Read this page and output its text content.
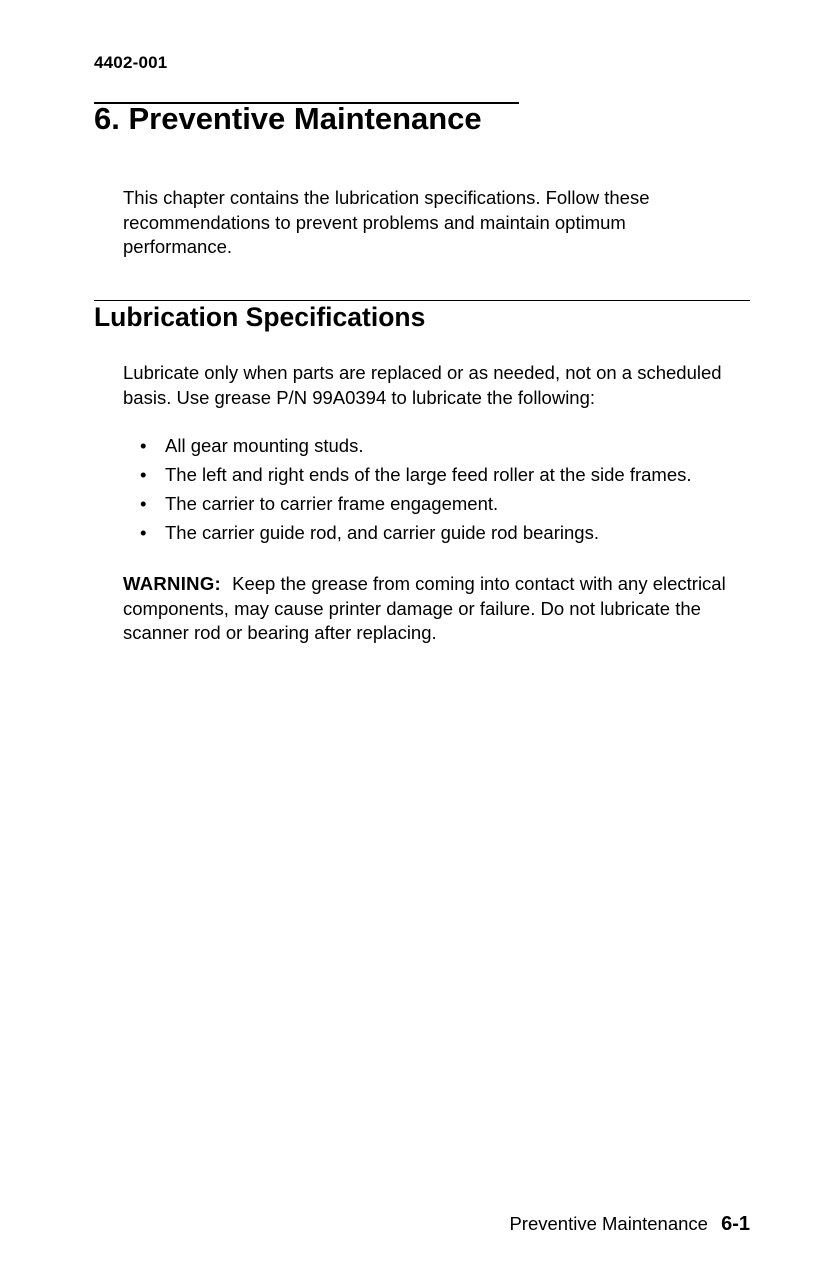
4402-001
6. Preventive Maintenance

This chapter contains the lubrication specifications. Follow these recommendations to prevent problems and maintain optimum performance.

Lubrication Specifications

Lubricate only when parts are replaced or as needed, not on a scheduled basis. Use grease P/N 99A0394 to lubricate the following:

• All gear mounting studs.
• The left and right ends of the large feed roller at the side frames.
• The carrier to carrier frame engagement.
• The carrier guide rod, and carrier guide rod bearings.

WARNING: Keep the grease from coming into contact with any electrical components, may cause printer damage or failure. Do not lubricate the scanner rod or bearing after replacing.

Preventive Maintenance 6-1
